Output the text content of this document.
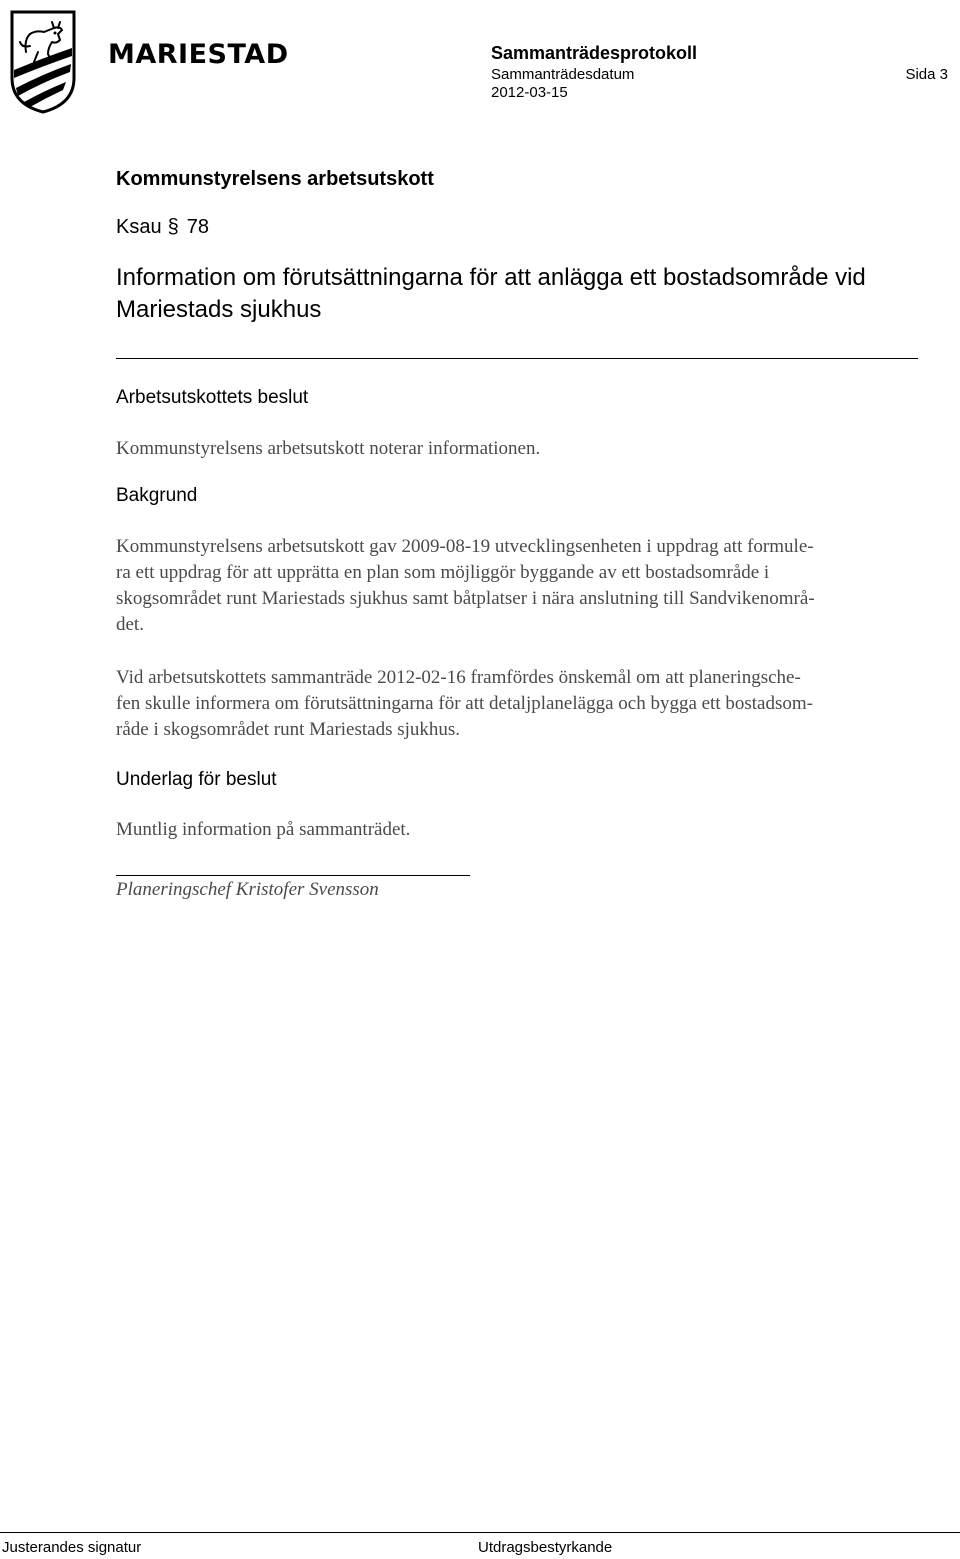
MARIESTAD	Sammanträdesprotokoll
Sammanträdesdatum
2012-03-15
Sida 3
Kommunstyrelsens arbetsutskott
Ksau § 78
Information om förutsättningarna för att anlägga ett bostadsområde vid Mariestads sjukhus
Arbetsutskottets beslut
Kommunstyrelsens arbetsutskott noterar informationen.
Bakgrund
Kommunstyrelsens arbetsutskott gav 2009-08-19 utvecklingsenheten i uppdrag att formule-
ra ett uppdrag för att upprätta en plan som möjliggör byggande av ett bostadsområde i
skogsområdet runt Mariestads sjukhus samt båtplatser i nära anslutning till Sandvikenområ-
det.
Vid arbetsutskottets sammanträde 2012-02-16 framfördes önskemål om att planeringsche-
fen skulle informera om förutsättningarna för att detaljplanelägga och bygga ett bostadsom-
råde i skogsområdet runt Mariestads sjukhus.
Underlag för beslut
Muntlig information på sammanträdet.
Planeringschef Kristofer Svensson
Justerandes signatur	Utdragsbestyrkande
